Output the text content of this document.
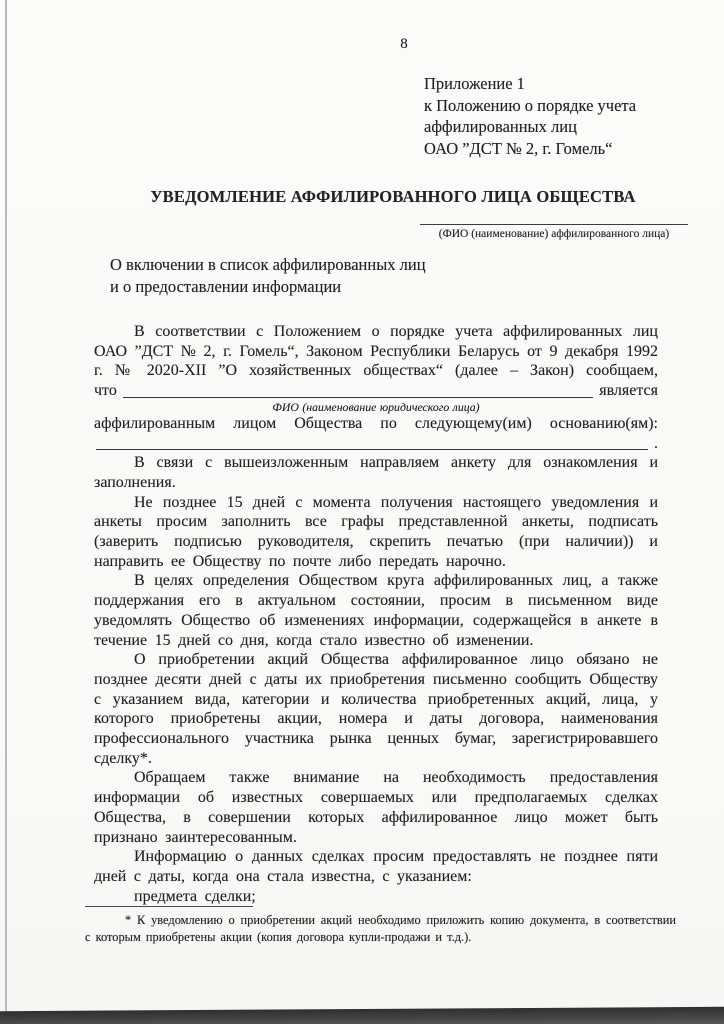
8
Приложение 1
к Положению о порядке учета
аффилированных лиц
ОАО ”ДСТ № 2, г. Гомель“
УВЕДОМЛЕНИЕ АФФИЛИРОВАННОГО ЛИЦА ОБЩЕСТВА
(ФИО (наименование) аффилированного лица)
О включении в список аффилированных лиц
и о предоставлении информации

В соответствии с Положением о порядке учета аффилированных лиц ОАО ”ДСТ № 2, г. Гомель“, Законом Республики Беларусь от 9 декабря 1992 г. № 2020-XII ”О хозяйственных обществах“ (далее – Закон) сообщаем,

что	является
ФИО (наименование юридического лица)
аффилированным лицом Общества по следующему(им) основанию(ям):
.

В связи с вышеизложенным направляем анкету для ознакомления и заполнения.

Не позднее 15 дней с момента получения настоящего уведомления и анкеты просим заполнить все графы представленной анкеты, подписать (заверить подписью руководителя, скрепить печатью (при наличии)) и направить ее Обществу по почте либо передать нарочно.

В целях определения Обществом круга аффилированных лиц, а также поддержания его в актуальном состоянии, просим в письменном виде уведомлять Общество об изменениях информации, содержащейся в анкете в течение 15 дней со дня, когда стало известно об изменении.

О приобретении акций Общества аффилированное лицо обязано не позднее десяти дней с даты их приобретения письменно сообщить Обществу с указанием вида, категории и количества приобретенных акций, лица, у которого приобретены акции, номера и даты договора, наименования профессионального участника рынка ценных бумаг, зарегистрировавшего сделку*.

Обращаем также внимание на необходимость предоставления информации об известных совершаемых или предполагаемых сделках Общества, в совершении которых аффилированное лицо может быть признано заинтересованным.

Информацию о данных сделках просим предоставлять не позднее пяти дней с даты, когда она стала известна, с указанием:

предмета сделки;

* К уведомлению о приобретении акций необходимо приложить копию документа, в соответствии с которым приобретены акции (копия договора купли-продажи и т.д.).
